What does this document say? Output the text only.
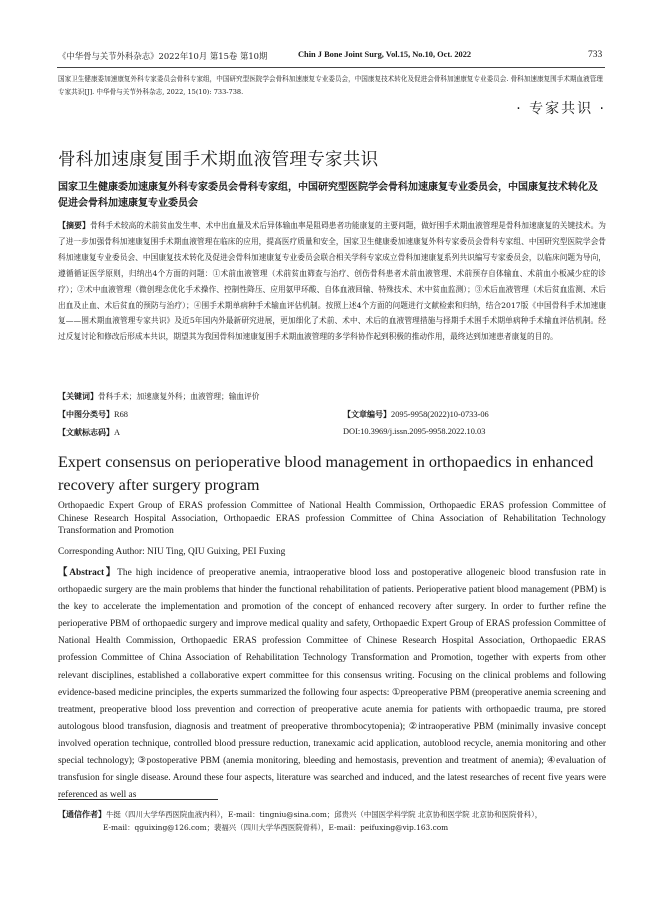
《中华骨与关节外科杂志》2022年10月 第15卷 第10期	Chin J Bone Joint Surg, Vol.15, No.10, Oct. 2022	733
国家卫生健康委加速康复外科专家委员会骨科专家组，中国研究型医院学会骨科加速康复专业委员会，中国康复技术转化及促进会骨科加速康复专业委员会. 骨科加速康复围手术期血液管理专家共识[J]. 中华骨与关节外科杂志, 2022, 15(10): 733-738.
· 专家共识 ·
骨科加速康复围手术期血液管理专家共识
国家卫生健康委加速康复外科专家委员会骨科专家组，中国研究型医院学会骨科加速康复专业委员会，中国康复技术转化及促进会骨科加速康复专业委员会
【摘要】骨科手术较高的术前贫血发生率、术中出血量及术后异体输血率是阻碍患者功能康复的主要问题，做好围手术期血液管理是骨科加速康复的关键技术。为了进一步加强骨科加速康复围手术期血液管理在临床的应用，提高医疗质量和安全，国家卫生健康委加速康复外科专家委员会骨科专家组、中国研究型医院学会骨科加速康复专业委员会、中国康复技术转化及促进会骨科加速康复专业委员会联合相关学科专家成立骨科加速康复系列共识编写专家委员会，以临床问题为导向，遵循循证医学原则，归纳出4个方面的问题：①术前血液管理（术前贫血筛查与治疗、创伤骨科患者术前血液管理、术前预存自体输血、术前血小板减少症的诊疗）；②术中血液管理（微创理念优化手术操作、控制性降压、应用氨甲环酸、自体血液回输、特殊技术、术中贫血监测）；③术后血液管理（术后贫血监测、术后出血及止血、术后贫血的预防与治疗）；④围手术期单病种手术输血评估机制。按照上述4个方面的问题进行文献检索和归纳，结合2017版《中国骨科手术加速康复——围术期血液管理专家共识》及近5年国内外最新研究进展，更加细化了术前、术中、术后的血液管理措施与择期手术围手术期单病种手术输血评估机制。经过反复讨论和修改后形成本共识，期望其为我国骨科加速康复围手术期血液管理的多学科协作起到积极的推动作用，最终达到加速患者康复的目的。
【关键词】骨科手术；加速康复外科；血液管理；输血评价
【中图分类号】R68	【文章编号】2095-9958(2022)10-0733-06
【文献标志码】A	DOI:10.3969/j.issn.2095-9958.2022.10.03
Expert consensus on perioperative blood management in orthopaedics in enhanced recovery after surgery program
Orthopaedic Expert Group of ERAS profession Committee of National Health Commission, Orthopaedic ERAS profession Committee of Chinese Research Hospital Association, Orthopaedic ERAS profession Committee of China Association of Rehabilitation Technology Transformation and Promotion
Corresponding Author: NIU Ting, QIU Guixing, PEI Fuxing
【Abstract】The high incidence of preoperative anemia, intraoperative blood loss and postoperative allogeneic blood transfusion rate in orthopaedic surgery are the main problems that hinder the functional rehabilitation of patients. Perioperative patient blood management (PBM) is the key to accelerate the implementation and promotion of the concept of enhanced recovery after surgery. In order to further refine the perioperative PBM of orthopaedic surgery and improve medical quality and safety, Orthopaedic Expert Group of ERAS profession Committee of National Health Commission, Orthopaedic ERAS profession Committee of Chinese Research Hospital Association, Orthopaedic ERAS profession Committee of China Association of Rehabilitation Technology Transformation and Promotion, together with experts from other relevant disciplines, established a collaborative expert committee for this consensus writing. Focusing on the clinical problems and following evidence-based medicine principles, the experts summarized the following four aspects: ①preoperative PBM (preoperative anemia screening and treatment, preoperative blood loss prevention and correction of preoperative acute anemia for patients with orthopaedic trauma, pre stored autologous blood transfusion, diagnosis and treatment of preoperative thrombocytopenia); ②intraoperative PBM (minimally invasive concept involved operation technique, controlled blood pressure reduction, tranexamic acid application, autoblood recycle, anemia monitoring and other special technology); ③postoperative PBM (anemia monitoring, bleeding and hemostasis, prevention and treatment of anemia); ④evaluation of transfusion for single disease. Around these four aspects, literature was searched and induced, and the latest researches of recent five years were referenced as well as
【通信作者】牛挺（四川大学华西医院血液内科），E-mail：tingniu@sina.com；邱贵兴（中国医学科学院 北京协和医学院 北京协和医院骨科），
E-mail：qguixing@126.com；裴福兴（四川大学华西医院骨科），E-mail：peifuxing@vip.163.com
